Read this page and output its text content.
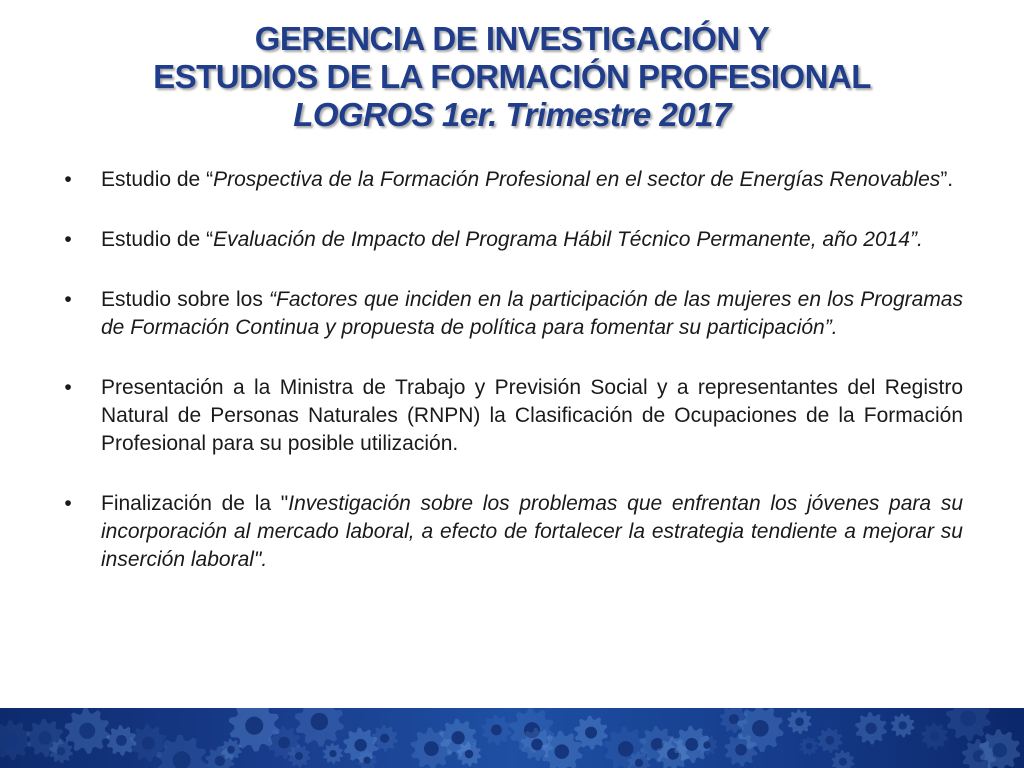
GERENCIA DE INVESTIGACIÓN Y
ESTUDIOS DE LA FORMACIÓN PROFESIONAL
LOGROS 1er. Trimestre 2017
•	Estudio de “Prospectiva de la Formación Profesional en el sector de Energías Renovables”.
•	Estudio de “Evaluación de Impacto del Programa Hábil Técnico Permanente, año 2014”.
•	Estudio sobre los “Factores que inciden en la participación de las mujeres en los Programas de Formación Continua y propuesta de política para fomentar su participación”.
•	Presentación a la Ministra de Trabajo y Previsión Social y a representantes del Registro Natural de Personas Naturales (RNPN) la Clasificación de Ocupaciones de la Formación Profesional para su posible utilización.
•	Finalización de la "Investigación sobre los problemas que enfrentan los jóvenes para su incorporación al mercado laboral, a efecto de fortalecer la estrategia tendiente a mejorar su inserción laboral".
